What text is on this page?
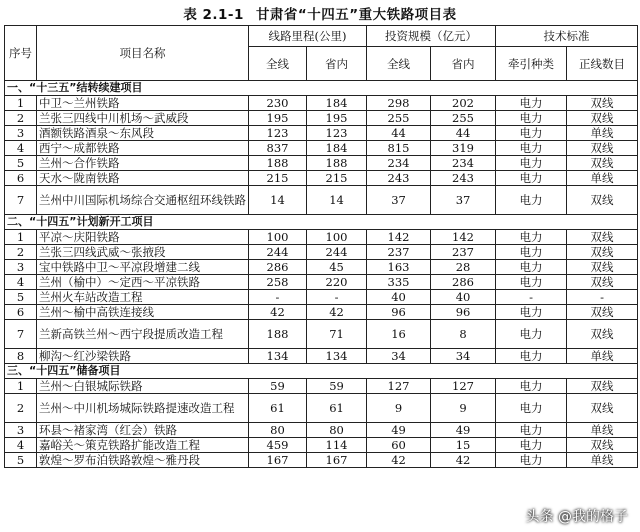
表 2.1-1 甘肃省“十四五”重大铁路项目表
序号	项目名称	线路里程(公里)		投资规模（亿元）		技术标准	
		全线	省内	全线	省内	牵引种类	正线数目
一、“十三五”结转续建项目							
1	中卫～兰州铁路	230	184	298	202	电力	双线
2	兰张三四线中川机场～武威段	195	195	255	255	电力	双线
3	酒额铁路酒泉～东风段	123	123	44	44	电力	单线
4	西宁～成都铁路	837	184	815	319	电力	双线
5	兰州～合作铁路	188	188	234	234	电力	双线
6	天水～陇南铁路	215	215	243	243	电力	单线
7	兰州中川国际机场综合交通枢纽环线铁路	14	14	37	37	电力	双线
二、“十四五”计划新开工项目							
1	平凉～庆阳铁路	100	100	142	142	电力	双线
2	兰张三四线武威～张掖段	244	244	237	237	电力	双线
3	宝中铁路中卫～平凉段增建二线	286	45	163	28	电力	双线
4	兰州（榆中）～定西～平凉铁路	258	220	335	286	电力	双线
5	兰州火车站改造工程	-	-	40	40	-	-
6	兰州～榆中高铁连接线	42	42	96	96	电力	双线
7	兰新高铁兰州～西宁段提质改造工程	188	71	16	8	电力	双线
8	柳沟～红沙梁铁路	134	134	34	34	电力	单线
三、“十四五”储备项目							
1	兰州～白银城际铁路	59	59	127	127	电力	双线
2	兰州～中川机场城际铁路提速改造工程	61	61	9	9	电力	双线
3	环县～褚家湾（红会）铁路	80	80	49	49	电力	单线
4	嘉峪关～策克铁路扩能改造工程	459	114	60	15	电力	双线
5	敦煌～罗布泊铁路敦煌～雅丹段	167	167	42	42	电力	单线
头条 @我的格子
